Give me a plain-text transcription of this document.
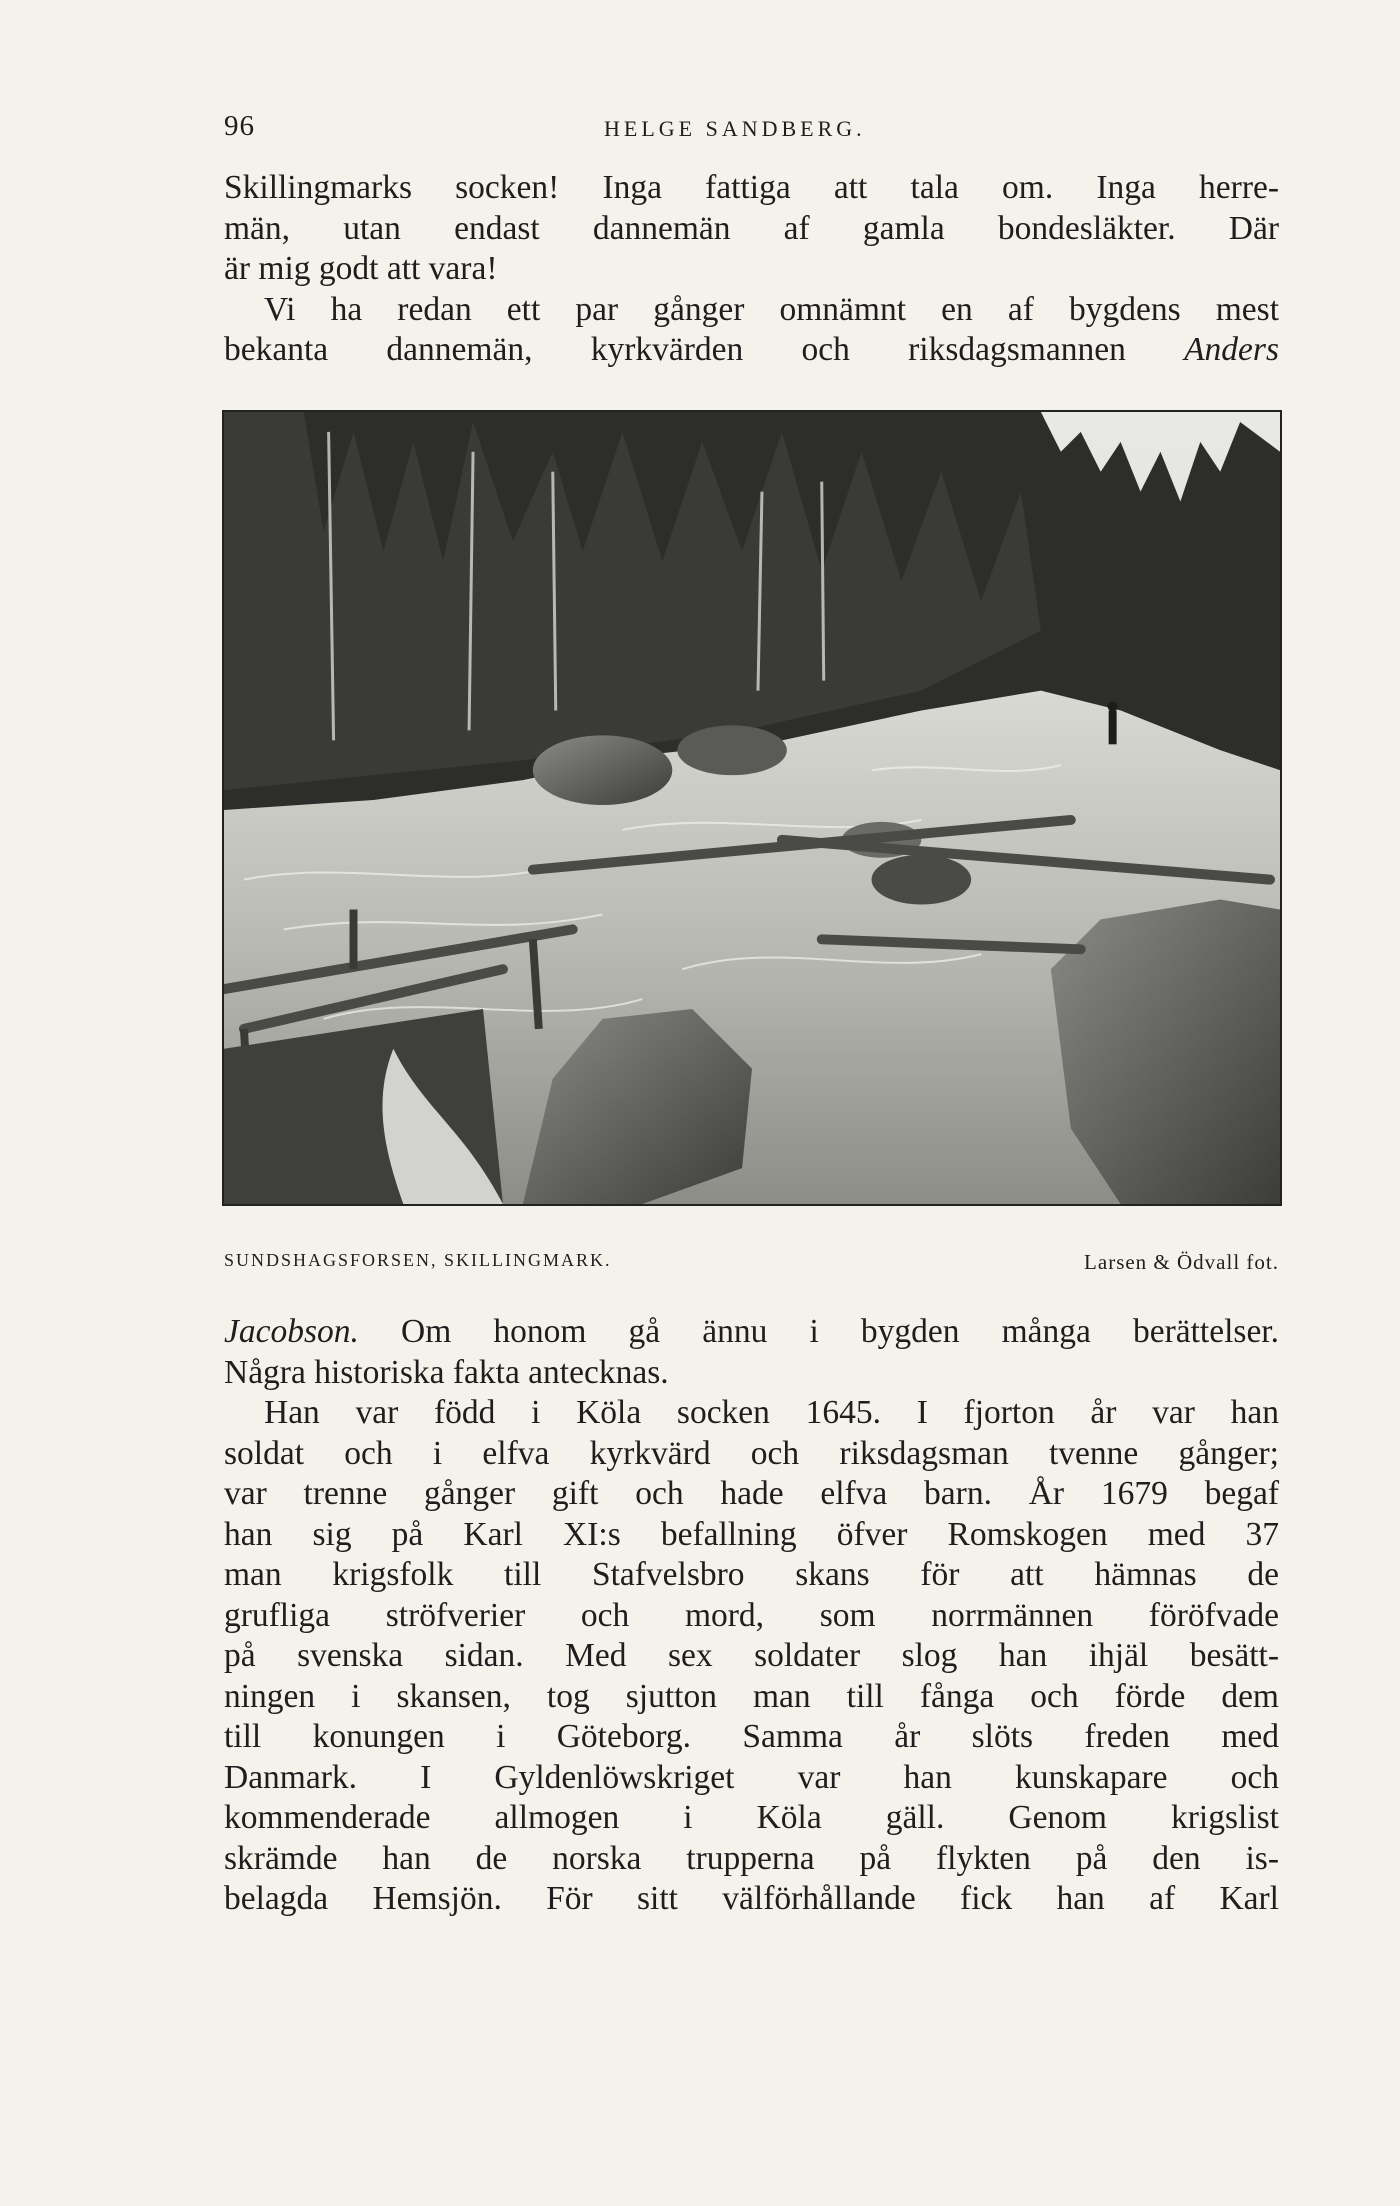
96	HELGE SANDBERG.
Skillingmarks socken! Inga fattiga att tala om. Inga herre-
män, utan endast dannemän af gamla bondesläkter. Där
är mig godt att vara!
Vi ha redan ett par gånger omnämnt en af bygdens mest
bekanta dannemän, kyrkvärden och riksdagsmannen Anders
SUNDSHAGSFORSEN, SKILLINGMARK.	Larsen & Ödvall fot.
Jacobson. Om honom gå ännu i bygden många berättelser.
Några historiska fakta antecknas.
Han var född i Köla socken 1645. I fjorton år var han
soldat och i elfva kyrkvärd och riksdagsman tvenne gånger;
var trenne gånger gift och hade elfva barn. År 1679 begaf
han sig på Karl XI:s befallning öfver Romskogen med 37
man krigsfolk till Stafvelsbro skans för att hämnas de
grufliga ströfverier och mord, som norrmännen föröfvade
på svenska sidan. Med sex soldater slog han ihjäl besätt-
ningen i skansen, tog sjutton man till fånga och förde dem
till konungen i Göteborg. Samma år slöts freden med
Danmark. I Gyldenlöwskriget var han kunskapare och
kommenderade allmogen i Köla gäll. Genom krigslist
skrämde han de norska trupperna på flykten på den is-
belagda Hemsjön. För sitt välförhållande fick han af Karl
